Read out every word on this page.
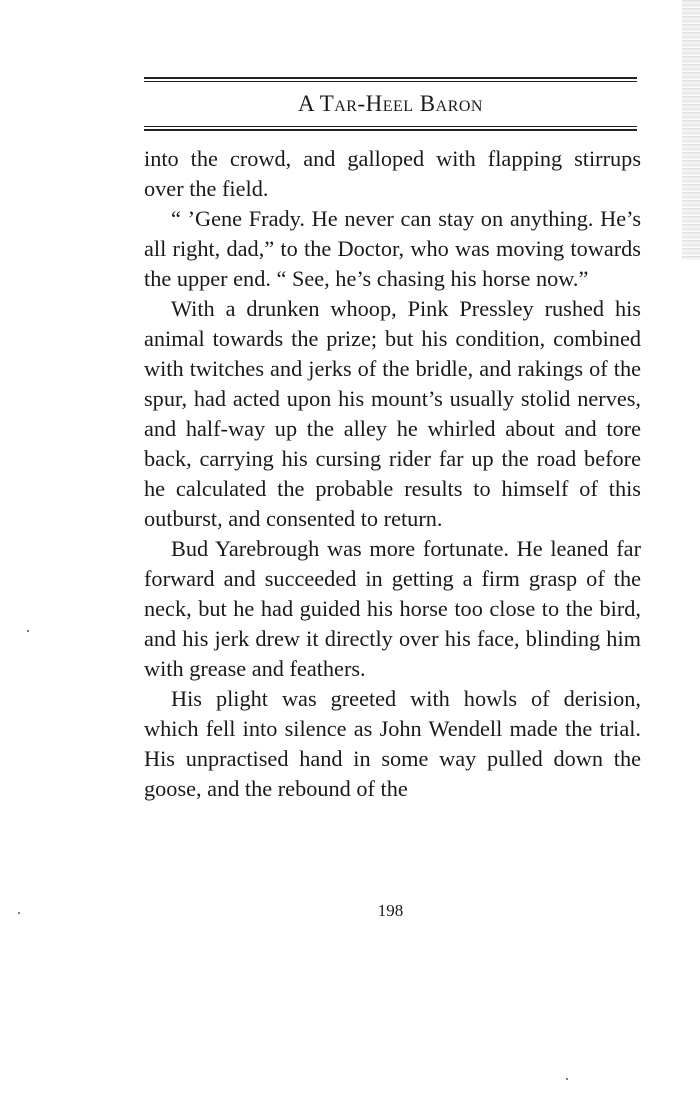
A Tar-Heel Baron

into the crowd, and galloped with flapping stirrups over the field.

“ ’Gene Frady. He never can stay on anything. He’s all right, dad,” to the Doctor, who was moving towards the upper end. “ See, he’s chasing his horse now.”

With a drunken whoop, Pink Pressley rushed his animal towards the prize; but his condition, combined with twitches and jerks of the bridle, and rakings of the spur, had acted upon his mount’s usually stolid nerves, and half-way up the alley he whirled about and tore back, carrying his cursing rider far up the road before he calculated the probable results to himself of this outburst, and consented to return.

Bud Yarebrough was more fortunate. He leaned far forward and succeeded in getting a firm grasp of the neck, but he had guided his horse too close to the bird, and his jerk drew it directly over his face, blinding him with grease and feathers.

His plight was greeted with howls of derision, which fell into silence as John Wendell made the trial. His unpractised hand in some way pulled down the goose, and the rebound of the

198
